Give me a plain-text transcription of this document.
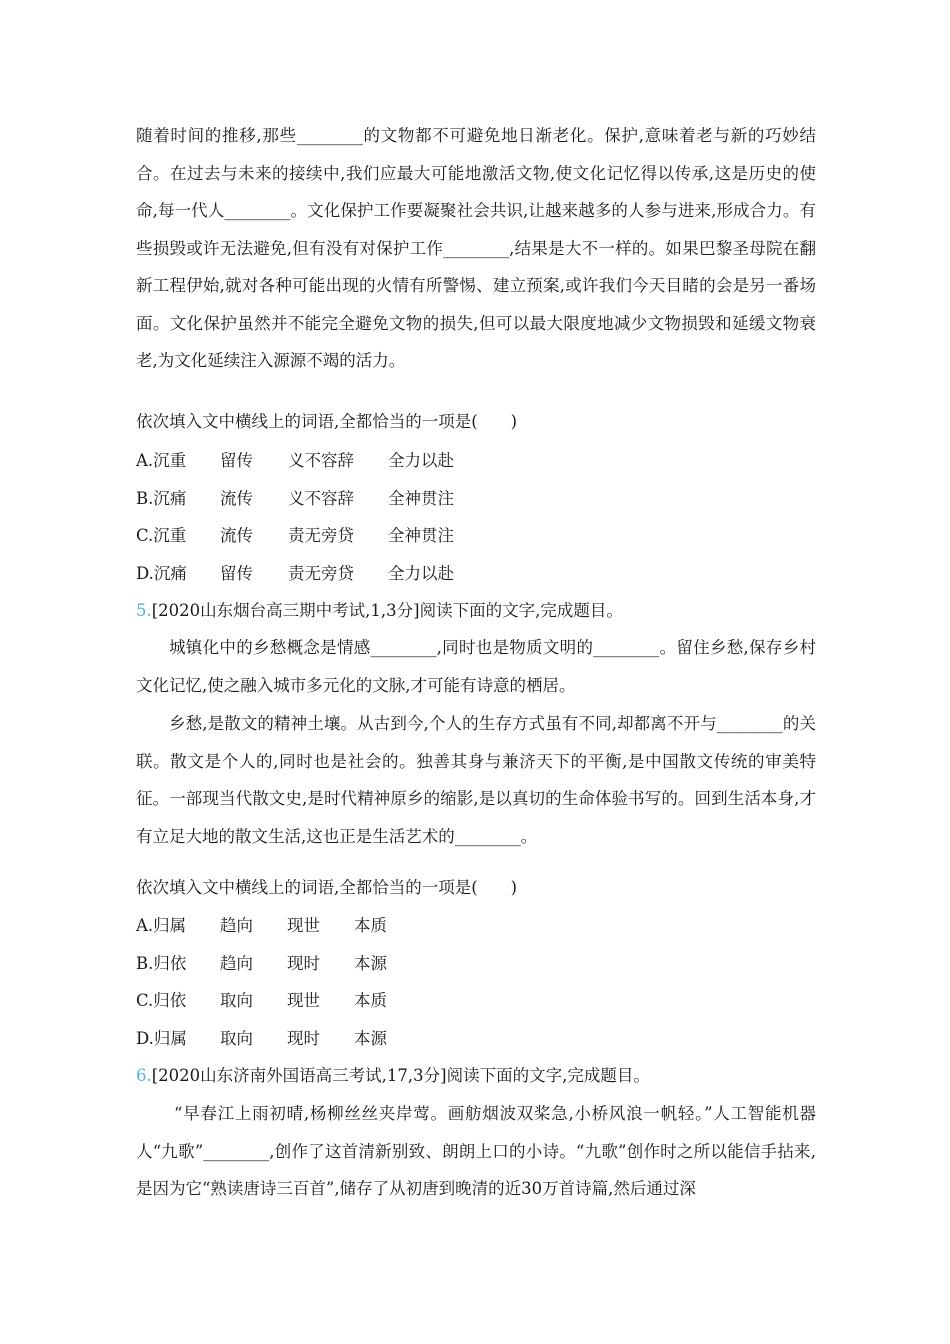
随着时间的推移,那些________的文物都不可避免地日渐老化。保护,意味着老与新的巧妙结合。在过去与未来的接续中,我们应最大可能地激活文物,使文化记忆得以传承,这是历史的使命,每一代人________。文化保护工作要凝聚社会共识,让越来越多的人参与进来,形成合力。有些损毁或许无法避免,但有没有对保护工作________,结果是大不一样的。如果巴黎圣母院在翻新工程伊始,就对各种可能出现的火情有所警惕、建立预案,或许我们今天目睹的会是另一番场面。文化保护虽然并不能完全避免文物的损失,但可以最大限度地减少文物损毁和延缓文物衰老,为文化延续注入源源不竭的活力。

依次填入文中横线上的词语,全都恰当的一项是(　　)

A.沉重	留传	义不容辞	全力以赴
B.沉痛	流传	义不容辞	全神贯注
C.沉重	流传	责无旁贷	全神贯注
D.沉痛	留传	责无旁贷	全力以赴

5.[2020山东烟台高三期中考试,1,3分]阅读下面的文字,完成题目。

城镇化中的乡愁概念是情感________,同时也是物质文明的________。留住乡愁,保存乡村文化记忆,使之融入城市多元化的文脉,才可能有诗意的栖居。

乡愁,是散文的精神土壤。从古到今,个人的生存方式虽有不同,却都离不开与________的关联。散文是个人的,同时也是社会的。独善其身与兼济天下的平衡,是中国散文传统的审美特征。一部现当代散文史,是时代精神原乡的缩影,是以真切的生命体验书写的。回到生活本身,才有立足大地的散文生活,这也正是生活艺术的________。

依次填入文中横线上的词语,全都恰当的一项是(　　)

A.归属	趋向	现世	本质
B.归依	趋向	现时	本源
C.归依	取向	现世	本质
D.归属	取向	现时	本源

6.[2020山东济南外国语高三考试,17,3分]阅读下面的文字,完成题目。

“早春江上雨初晴,杨柳丝丝夹岸莺。画舫烟波双桨急,小桥风浪一帆轻。”人工智能机器人“九歌”________,创作了这首清新别致、朗朗上口的小诗。“九歌”创作时之所以能信手拈来,是因为它“熟读唐诗三百首”,储存了从初唐到晚清的近30万首诗篇,然后通过深
